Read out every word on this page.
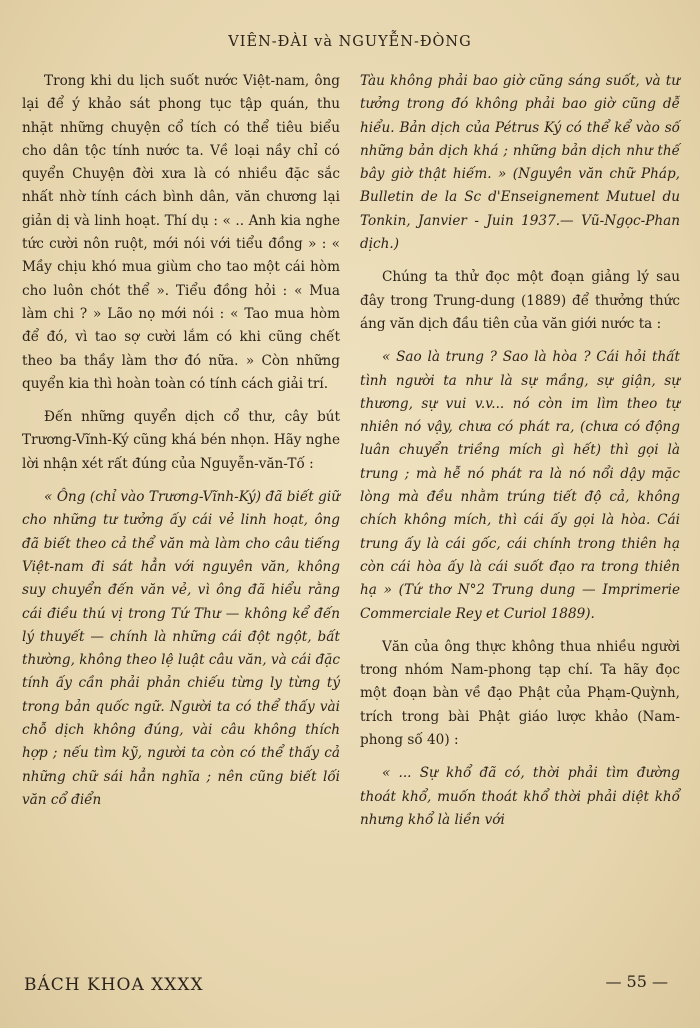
VIÊN-ĐÀI và NGUYỄN-ĐÒNG

Trong khi du lịch suốt nước Việt-nam, ông lại để ý khảo sát phong tục tập quán, thu nhặt những chuyện cổ tích có thể tiêu biểu cho dân tộc tính nước ta. Về loại nầy chỉ có quyển Chuyện đời xưa là có nhiều đặc sắc nhất nhờ tính cách bình dân, văn chương lại giản dị và linh hoạt. Thí dụ : « .. Anh kia nghe tức cười nôn ruột, mới nói với tiểu đồng » : « Mầy chịu khó mua giùm cho tao một cái hòm cho luôn chót thể ». Tiểu đồng hỏi : « Mua làm chi ? » Lão nọ mới nói : « Tao mua hòm để đó, vì tao sợ cười lắm có khi cũng chết theo ba thầy làm thơ đó nữa. » Còn những quyển kia thì hoàn toàn có tính cách giải trí.

Đến những quyển dịch cổ thư, cây bút Trương-Vĩnh-Ký cũng khá bén nhọn. Hãy nghe lời nhận xét rất đúng của Nguyễn-văn-Tố :

« Ông (chỉ vào Trương-Vĩnh-Ký) đã biết giữ cho những tư tưởng ấy cái vẻ linh hoạt, ông đã biết theo cả thể văn mà làm cho câu tiếng Việt-nam đi sát hẳn với nguyên văn, không suy chuyển đến văn vẻ, vì ông đã hiểu rằng cái điều thú vị trong Tứ Thư — không kể đến lý thuyết — chính là những cái đột ngột, bất thường, không theo lệ luật câu văn, và cái đặc tính ấy cần phải phản chiếu từng ly từng tý trong bản quốc ngữ. Người ta có thể thấy vài chỗ dịch không đúng, vài câu không thích hợp ; nếu tìm kỹ, người ta còn có thể thấy cả những chữ sái hẳn nghĩa ; nên cũng biết lối văn cổ điển

Tàu không phải bao giờ cũng sáng suốt, và tư tưởng trong đó không phải bao giờ cũng dễ hiểu. Bản dịch của Pétrus Ký có thể kể vào số những bản dịch khá ; những bản dịch như thế bây giờ thật hiếm. » (Nguyên văn chữ Pháp, Bulletin de la Sc d'Enseignement Mutuel du Tonkin, Janvier - Juin 1937.— Vũ-Ngọc-Phan dịch.)

Chúng ta thử đọc một đoạn giảng lý sau đây trong Trung-dung (1889) để thưởng thức áng văn dịch đầu tiên của văn giới nước ta :

« Sao là trung ? Sao là hòa ? Cái hỏi thất tình người ta như là sự mầng, sự giận, sự thương, sự vui v.v... nó còn im lìm theo tự nhiên nó vậy, chưa có phát ra, (chưa có động luân chuyển triềng mích gì hết) thì gọi là trung ; mà hễ nó phát ra là nó nổi dậy mặc lòng mà đều nhằm trúng tiết độ cả, không chích không mích, thì cái ấy gọi là hòa. Cái trung ấy là cái gốc, cái chính trong thiên hạ còn cái hòa ấy là cái suốt đạo ra trong thiên hạ » (Tứ thơ N°2 Trung dung — Imprimerie Commerciale Rey et Curiol 1889).

Văn của ông thực không thua nhiều người trong nhóm Nam-phong tạp chí. Ta hãy đọc một đoạn bàn về đạo Phật của Phạm-Quỳnh, trích trong bài Phật giáo lược khảo (Nam-phong số 40) :

« ... Sự khổ đã có, thời phải tìm đường thoát khổ, muốn thoát khổ thời phải diệt khổ nhưng khổ là liền với

BÁCH KHOA XXXX	— 55 —
